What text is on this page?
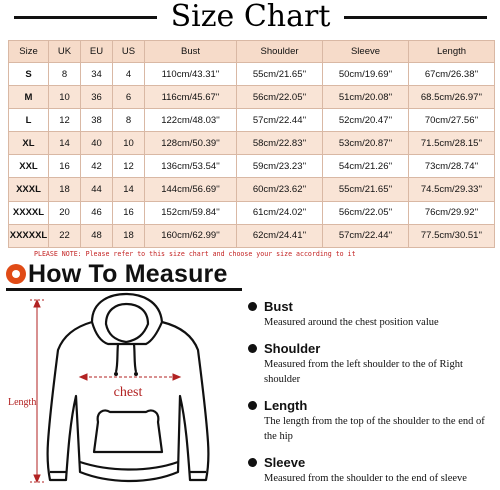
Size Chart
Size	UK	EU	US	Bust	Shoulder	Sleeve	Length
S	8	34	4	110cm/43.31''	55cm/21.65''	50cm/19.69''	67cm/26.38''
M	10	36	6	116cm/45.67''	56cm/22.05''	51cm/20.08''	68.5cm/26.97''
L	12	38	8	122cm/48.03''	57cm/22.44''	52cm/20.47''	70cm/27.56''
XL	14	40	10	128cm/50.39''	58cm/22.83''	53cm/20.87''	71.5cm/28.15''
XXL	16	42	12	136cm/53.54''	59cm/23.23''	54cm/21.26''	73cm/28.74''
XXXL	18	44	14	144cm/56.69''	60cm/23.62''	55cm/21.65''	74.5cm/29.33''
XXXXL	20	46	16	152cm/59.84''	61cm/24.02''	56cm/22.05''	76cm/29.92''
XXXXXL	22	48	18	160cm/62.99''	62cm/24.41''	57cm/22.44''	77.5cm/30.51''
PLEASE NOTE: Please refer to this size chart and choose your size according to it
How To Measure
chest
Length
Bust
Measured around the chest position value
Shoulder
Measured from the left shoulder to the of Right shoulder
Length
The length from the top of the shoulder to the end of the hip
Sleeve
Measured from the shoulder to the end of sleeve
